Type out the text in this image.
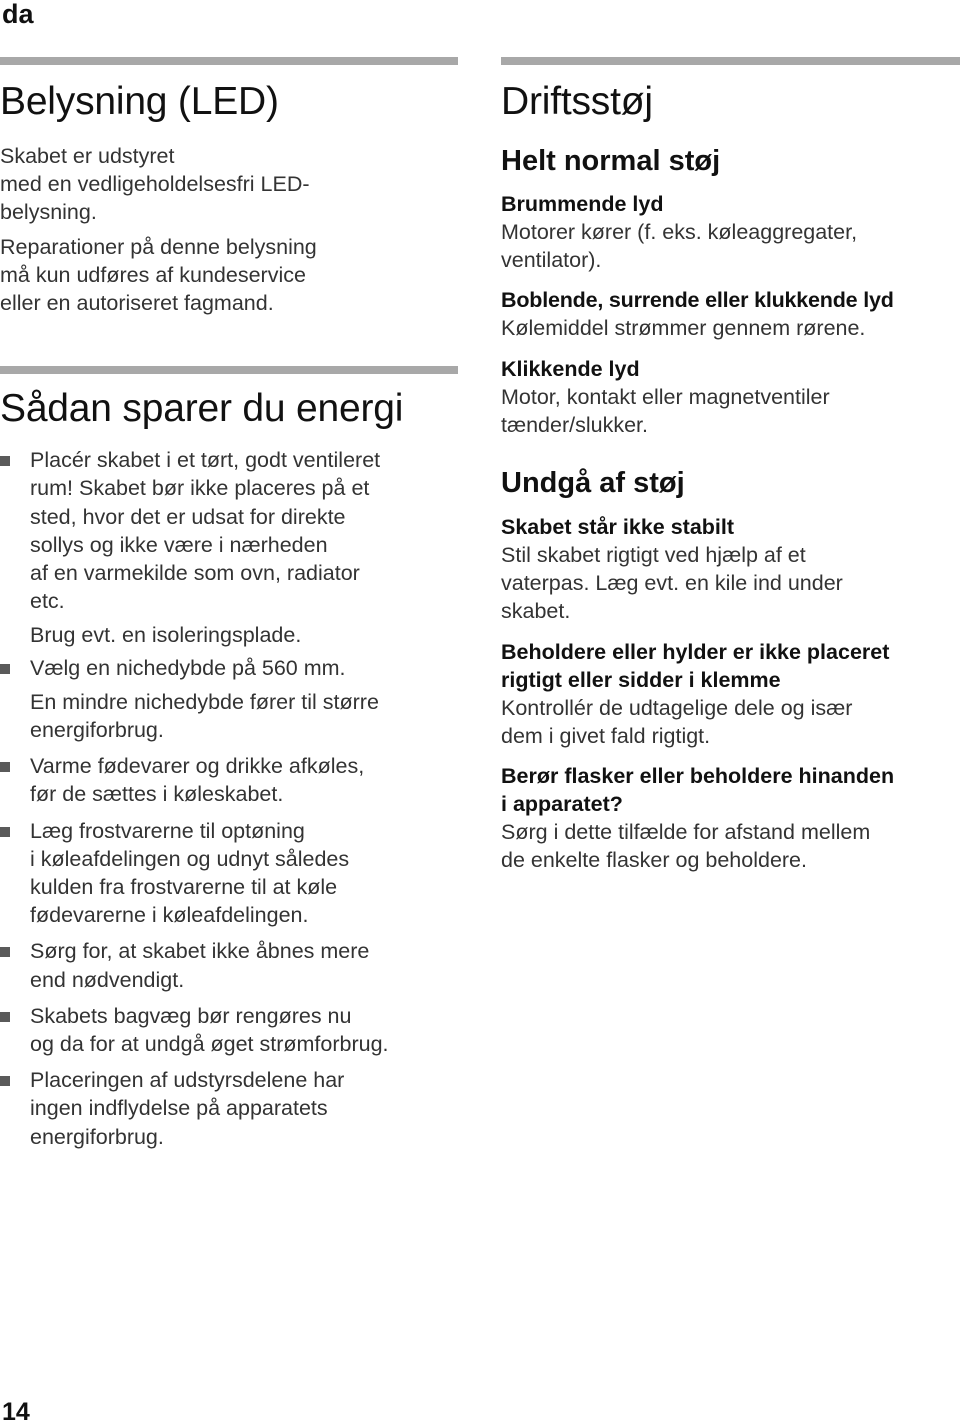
da
Belysning (LED)

Skabet er udstyret
med en vedligeholdelsesfri LED-
belysning.

Reparationer på denne belysning
må kun udføres af kundeservice
eller en autoriseret fagmand.

Sådan sparer du energi

Placér skabet i et tørt, godt ventileret
rum! Skabet bør ikke placeres på et
sted, hvor det er udsat for direkte
sollys og ikke være i nærheden
af en varmekilde som ovn, radiator
etc.

Brug evt. en isoleringsplade.

Vælg en nichedybde på 560 mm.

En mindre nichedybde fører til større
energiforbrug.

Varme fødevarer og drikke afkøles,
før de sættes i køleskabet.

Læg frostvarerne til optøning
i køleafdelingen og udnyt således
kulden fra frostvarerne til at køle
fødevarerne i køleafdelingen.

Sørg for, at skabet ikke åbnes mere
end nødvendigt.

Skabets bagvæg bør rengøres nu
og da for at undgå øget strømforbrug.

Placeringen af udstyrsdelene har
ingen indflydelse på apparatets
energiforbrug.

Driftsstøj
Helt normal støj
Brummende lyd

Motorer kører (f. eks. køleaggregater,
ventilator).

Boblende, surrende eller klukkende lyd

Kølemiddel strømmer gennem rørene.

Klikkende lyd

Motor, kontakt eller magnetventiler
tænder/slukker.

Undgå af støj
Skabet står ikke stabilt

Stil skabet rigtigt ved hjælp af et
vaterpas. Læg evt. en kile ind under
skabet.

Beholdere eller hylder er ikke placeret
rigtigt eller sidder i klemme

Kontrollér de udtagelige dele og især
dem i givet fald rigtigt.

Berør flasker eller beholdere hinanden
i apparatet?

Sørg i dette tilfælde for afstand mellem
de enkelte flasker og beholdere.

14
